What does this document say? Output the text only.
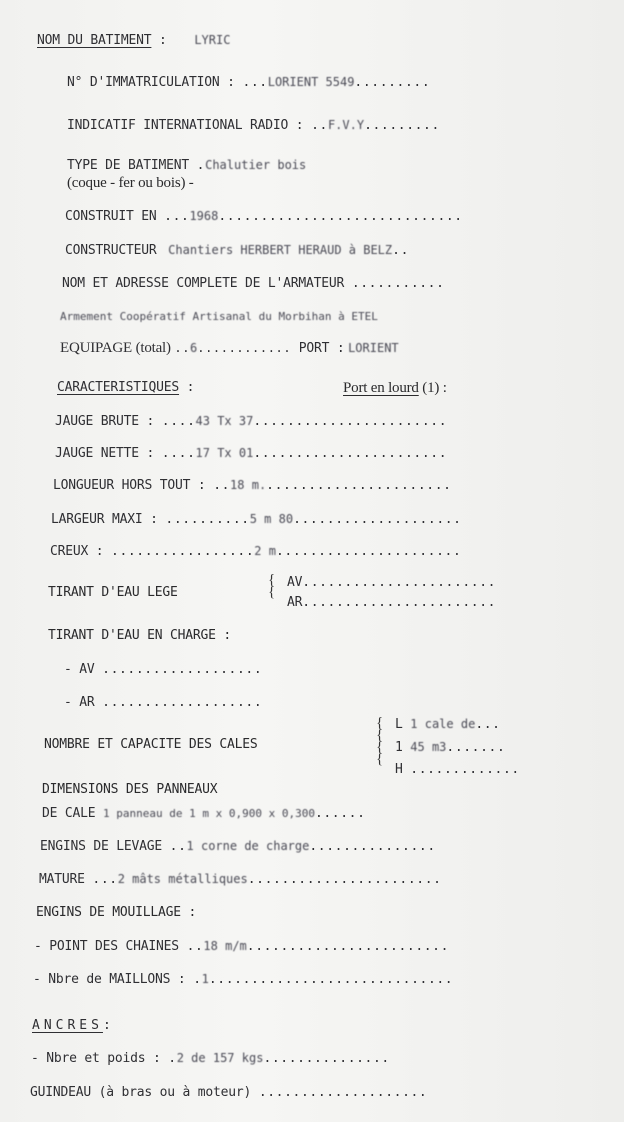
NOM DU BATIMENT : LYRIC
N° D'IMMATRICULATION : ...LORIENT 5549.........
INDICATIF INTERNATIONAL RADIO : ..F.V.Y.........
TYPE DE BATIMENT .Chalutier bois
(coque - fer ou bois) -
CONSTRUIT EN ...1968.............................
CONSTRUCTEUR Chantiers HERBERT HERAUD à BELZ..
NOM ET ADRESSE COMPLETE DE L'ARMATEUR ...........
Armement Coopératif Artisanal du Morbihan à ETEL
EQUIPAGE (total) ..6............ PORT : LORIENT
CARACTERISTIQUES :	Port en lourd (1) :
JAUGE BRUTE : ....43 Tx 37.......................
JAUGE NETTE : ....17 Tx 01.......................
LONGUEUR HORS TOUT : ..18 m.......................
LARGEUR MAXI : ..........5 m 80....................
CREUX : .................2 m......................
TIRANT D'EAU LEGE
{
{
AV.......................
AR.......................
TIRANT D'EAU EN CHARGE :
- AV ...................
- AR ...................
NOMBRE ET CAPACITE DES CALES
{
{
{
{
L 1 cale de...
1 45 m3.......
H .............
DIMENSIONS DES PANNEAUX
DE CALE 1 panneau de 1 m x 0,900 x 0,300......
ENGINS DE LEVAGE ..1 corne de charge...............
MATURE ...2 mâts métalliques.......................
ENGINS DE MOUILLAGE :
- POINT DES CHAINES ..18 m/m........................
- Nbre de MAILLONS : .1.............................
ANCRES:
- Nbre et poids : .2 de 157 kgs...............
GUINDEAU (à bras ou à moteur) ....................
